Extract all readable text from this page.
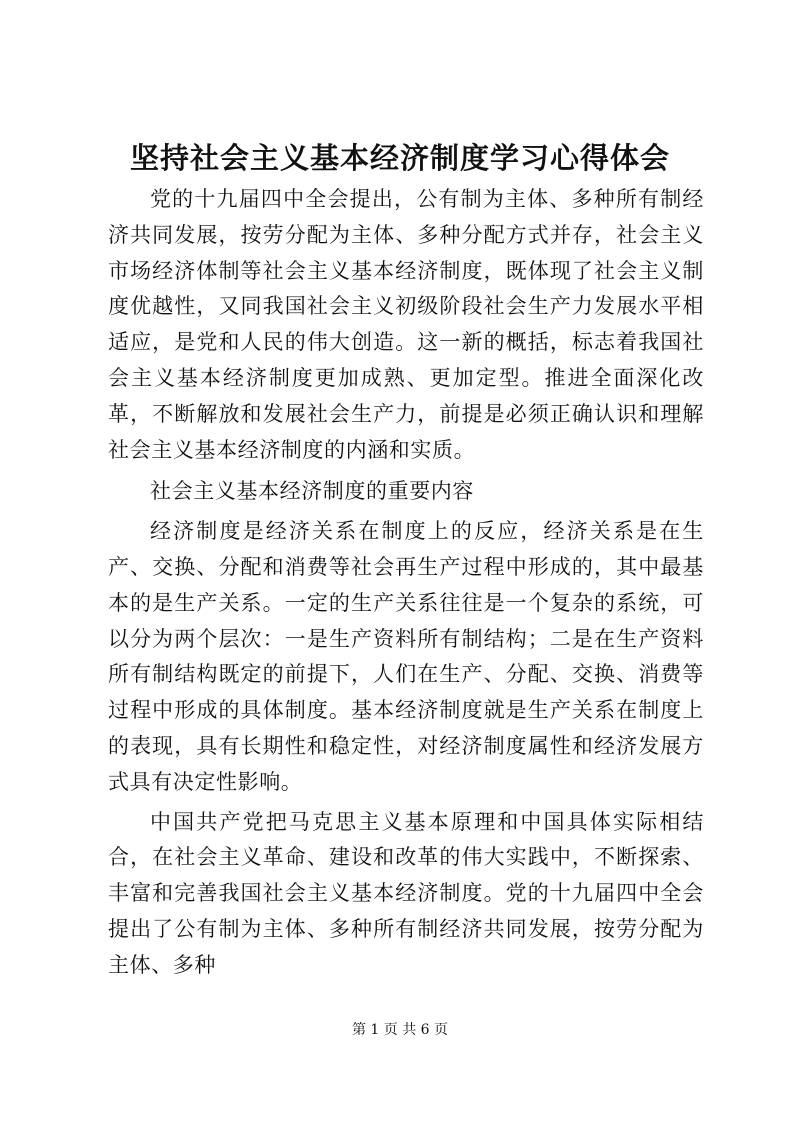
坚持社会主义基本经济制度学习心得体会

党的十九届四中全会提出，公有制为主体、多种所有制经济共同发展，按劳分配为主体、多种分配方式并存，社会主义市场经济体制等社会主义基本经济制度，既体现了社会主义制度优越性，又同我国社会主义初级阶段社会生产力发展水平相适应，是党和人民的伟大创造。这一新的概括，标志着我国社会主义基本经济制度更加成熟、更加定型。推进全面深化改革，不断解放和发展社会生产力，前提是必须正确认识和理解社会主义基本经济制度的内涵和实质。

社会主义基本经济制度的重要内容

经济制度是经济关系在制度上的反应，经济关系是在生产、交换、分配和消费等社会再生产过程中形成的，其中最基本的是生产关系。一定的生产关系往往是一个复杂的系统，可以分为两个层次：一是生产资料所有制结构；二是在生产资料所有制结构既定的前提下，人们在生产、分配、交换、消费等过程中形成的具体制度。基本经济制度就是生产关系在制度上的表现，具有长期性和稳定性，对经济制度属性和经济发展方式具有决定性影响。

中国共产党把马克思主义基本原理和中国具体实际相结合，在社会主义革命、建设和改革的伟大实践中，不断探索、丰富和完善我国社会主义基本经济制度。党的十九届四中全会提出了公有制为主体、多种所有制经济共同发展，按劳分配为主体、多种

第 1 页 共 6 页
